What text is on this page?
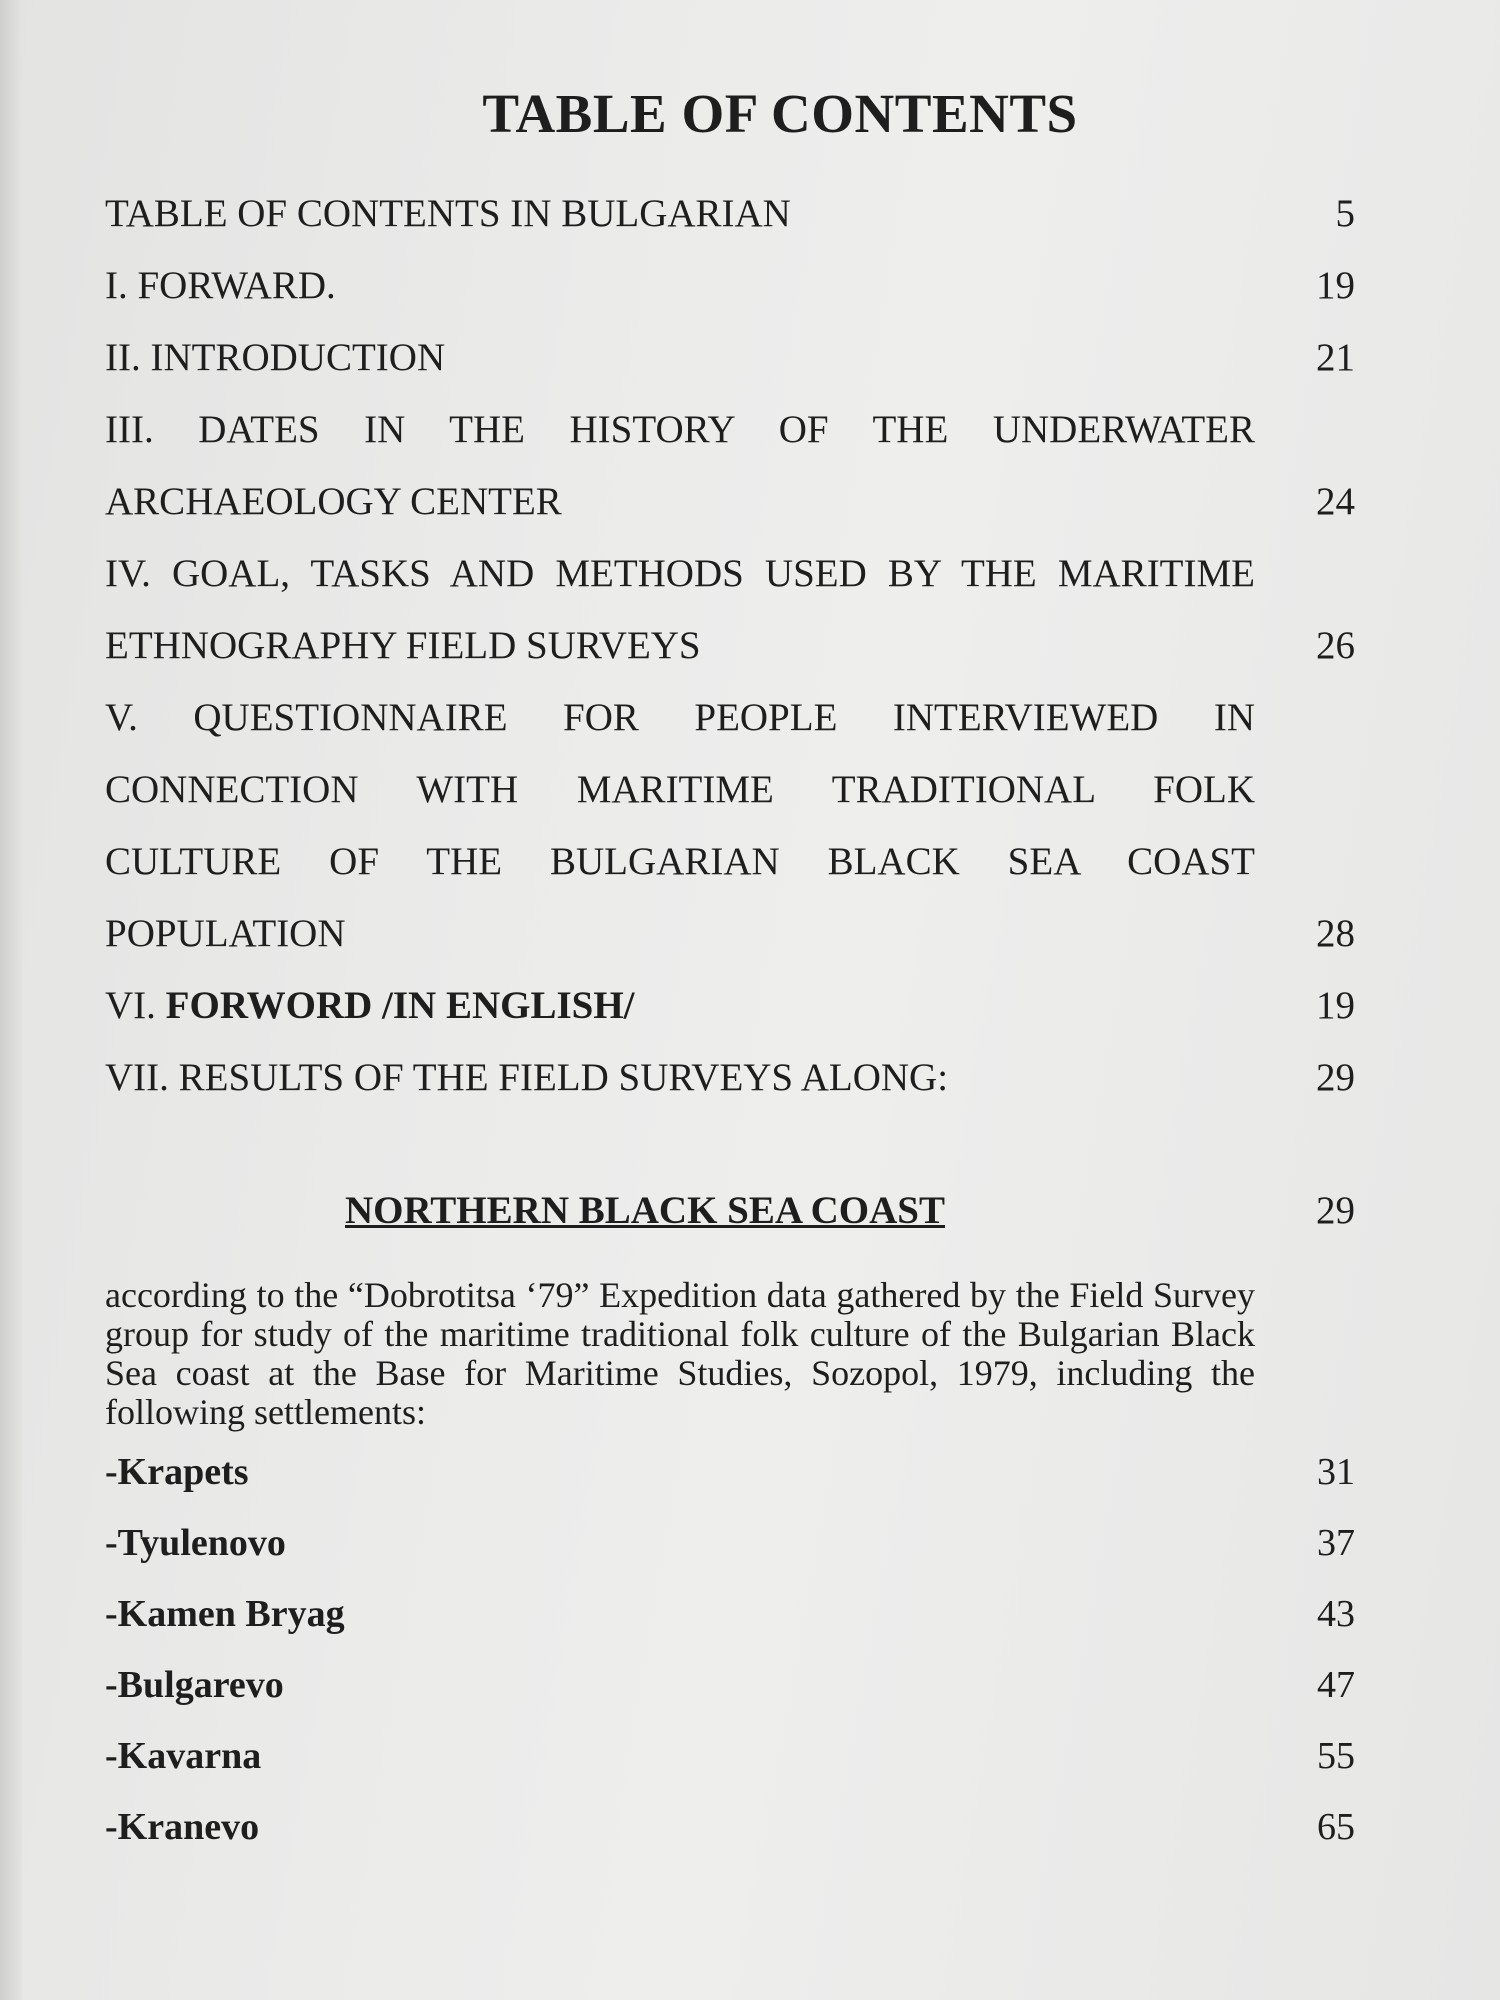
TABLE OF CONTENTS
TABLE OF CONTENTS IN BULGARIAN	5
I. FORWARD.	19
II. INTRODUCTION	21
III. DATES IN THE HISTORY OF THE UNDERWATER
ARCHAEOLOGY CENTER	24
IV. GOAL, TASKS AND METHODS USED BY THE MARITIME
ETHNOGRAPHY FIELD SURVEYS	26
V. QUESTIONNAIRE FOR PEOPLE INTERVIEWED IN
CONNECTION WITH MARITIME TRADITIONAL FOLK
CULTURE OF THE BULGARIAN BLACK SEA COAST
POPULATION	28
VI. FORWORD /IN ENGLISH/	19
VII. RESULTS OF THE FIELD SURVEYS ALONG:	29
NORTHERN BLACK SEA COAST	29
according to the “Dobrotitsa ‘79” Expedition data gathered by the Field Survey group for study of the maritime traditional folk culture of the Bulgarian Black Sea coast at the Base for Maritime Studies, Sozopol, 1979, including the following settlements:
-Krapets	31
-Tyulenovo	37
-Kamen Bryag	43
-Bulgarevo	47
-Kavarna	55
-Kranevo	65
